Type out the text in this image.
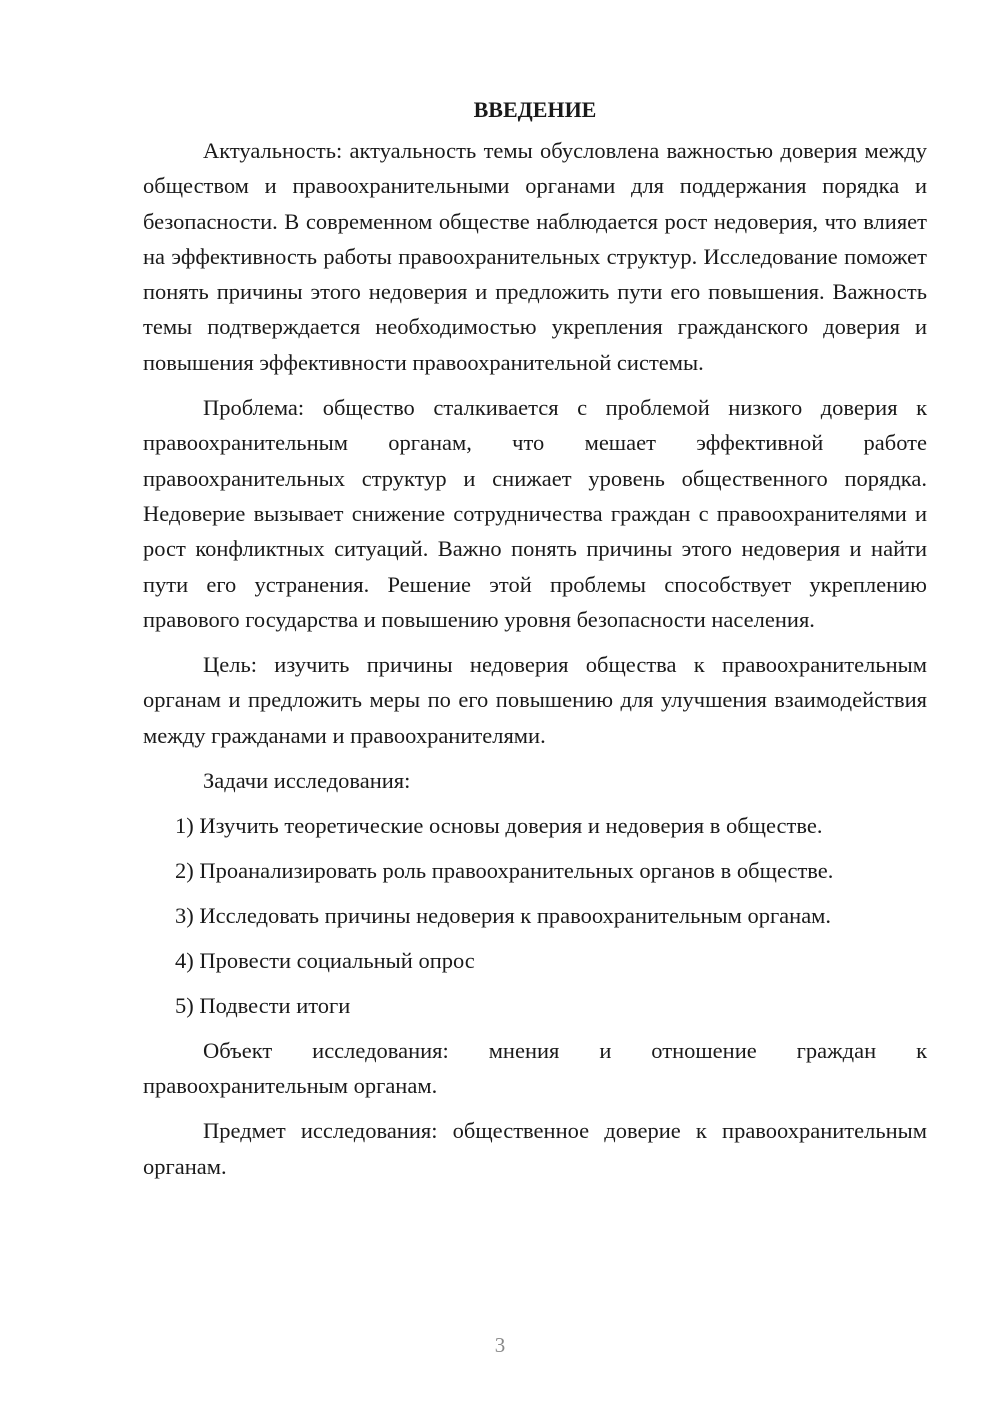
ВВЕДЕНИЕ

Актуальность: актуальность темы обусловлена важностью доверия между обществом и правоохранительными органами для поддержания порядка и безопасности. В современном обществе наблюдается рост недоверия, что влияет на эффективность работы правоохранительных структур. Исследование поможет понять причины этого недоверия и предложить пути его повышения. Важность темы подтверждается необходимостью укрепления гражданского доверия и повышения эффективности правоохранительной системы.

Проблема: общество сталкивается с проблемой низкого доверия к правоохранительным органам, что мешает эффективной работе правоохранительных структур и снижает уровень общественного порядка. Недоверие вызывает снижение сотрудничества граждан с правоохранителями и рост конфликтных ситуаций. Важно понять причины этого недоверия и найти пути его устранения. Решение этой проблемы способствует укреплению правового государства и повышению уровня безопасности населения.

Цель: изучить причины недоверия общества к правоохранительным органам и предложить меры по его повышению для улучшения взаимодействия между гражданами и правоохранителями.

Задачи исследования:
1) Изучить теоретические основы доверия и недоверия в обществе.
2) Проанализировать роль правоохранительных органов в обществе.
3) Исследовать причины недоверия к правоохранительным органам.
4) Провести социальный опрос
5) Подвести итоги

Объект исследования: мнения и отношение граждан к правоохранительным органам.

Предмет исследования: общественное доверие к правоохранительным органам.

3
